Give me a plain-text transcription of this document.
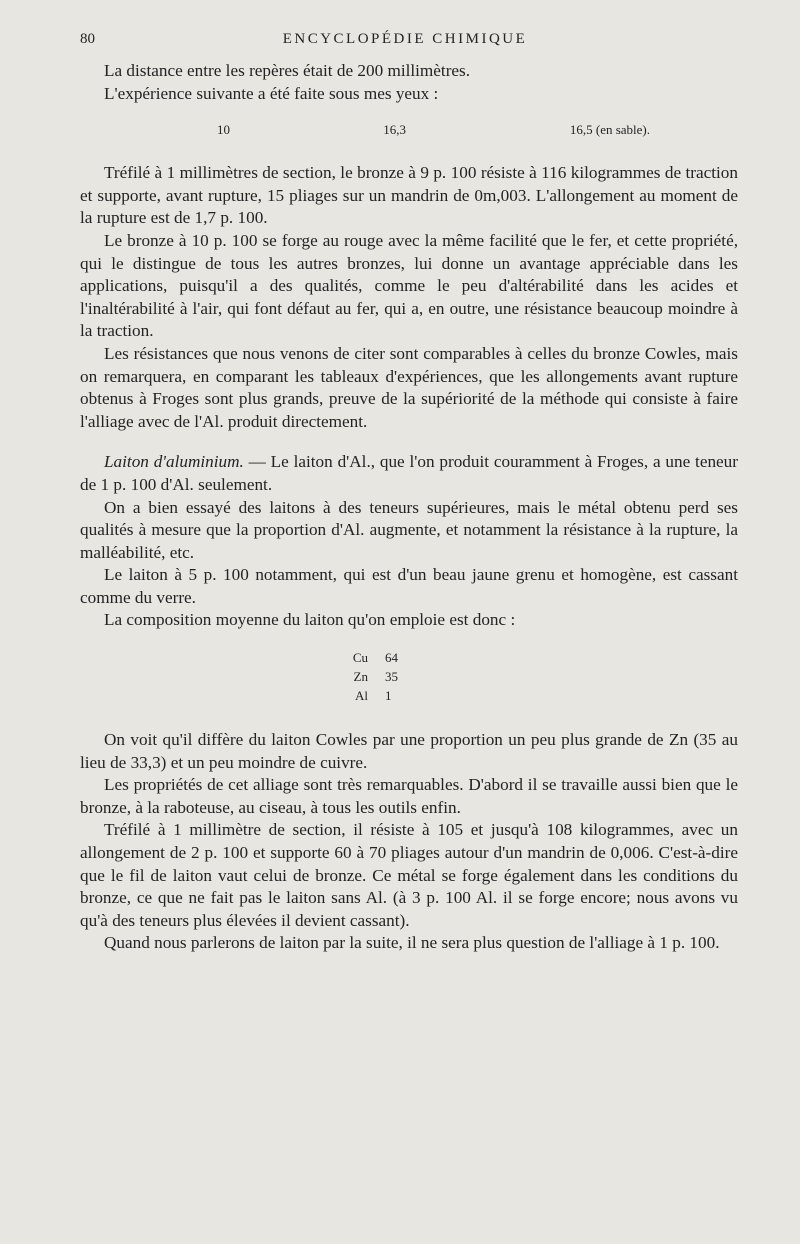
80	ENCYCLOPÉDIE CHIMIQUE

La distance entre les repères était de 200 millimètres.

L'expérience suivante a été faite sous mes yeux :

10	16,3	16,5 (en sable).

Tréfilé à 1 millimètres de section, le bronze à 9 p. 100 résiste à 116 kilogrammes de traction et supporte, avant rupture, 15 pliages sur un mandrin de 0m,003. L'allongement au moment de la rupture est de 1,7 p. 100.

Le bronze à 10 p. 100 se forge au rouge avec la même facilité que le fer, et cette propriété, qui le distingue de tous les autres bronzes, lui donne un avantage appréciable dans les applications, puisqu'il a des qualités, comme le peu d'altérabilité dans les acides et l'inaltérabilité à l'air, qui font défaut au fer, qui a, en outre, une résistance beaucoup moindre à la traction.

Les résistances que nous venons de citer sont comparables à celles du bronze Cowles, mais on remarquera, en comparant les tableaux d'expériences, que les allongements avant rupture obtenus à Froges sont plus grands, preuve de la supériorité de la méthode qui consiste à faire l'alliage avec de l'Al. produit directement.

Laiton d'aluminium. — Le laiton d'Al., que l'on produit couramment à Froges, a une teneur de 1 p. 100 d'Al. seulement.

On a bien essayé des laitons à des teneurs supérieures, mais le métal obtenu perd ses qualités à mesure que la proportion d'Al. augmente, et notamment la résistance à la rupture, la malléabilité, etc.

Le laiton à 5 p. 100 notamment, qui est d'un beau jaune grenu et homogène, est cassant comme du verre.

La composition moyenne du laiton qu'on emploie est donc :

Cu	64
Zn	35
Al	1

On voit qu'il diffère du laiton Cowles par une proportion un peu plus grande de Zn (35 au lieu de 33,3) et un peu moindre de cuivre.

Les propriétés de cet alliage sont très remarquables. D'abord il se travaille aussi bien que le bronze, à la raboteuse, au ciseau, à tous les outils enfin.

Tréfilé à 1 millimètre de section, il résiste à 105 et jusqu'à 108 kilogrammes, avec un allongement de 2 p. 100 et supporte 60 à 70 pliages autour d'un mandrin de 0,006. C'est-à-dire que le fil de laiton vaut celui de bronze. Ce métal se forge également dans les conditions du bronze, ce que ne fait pas le laiton sans Al. (à 3 p. 100 Al. il se forge encore; nous avons vu qu'à des teneurs plus élevées il devient cassant).

Quand nous parlerons de laiton par la suite, il ne sera plus question de l'alliage à 1 p. 100.
